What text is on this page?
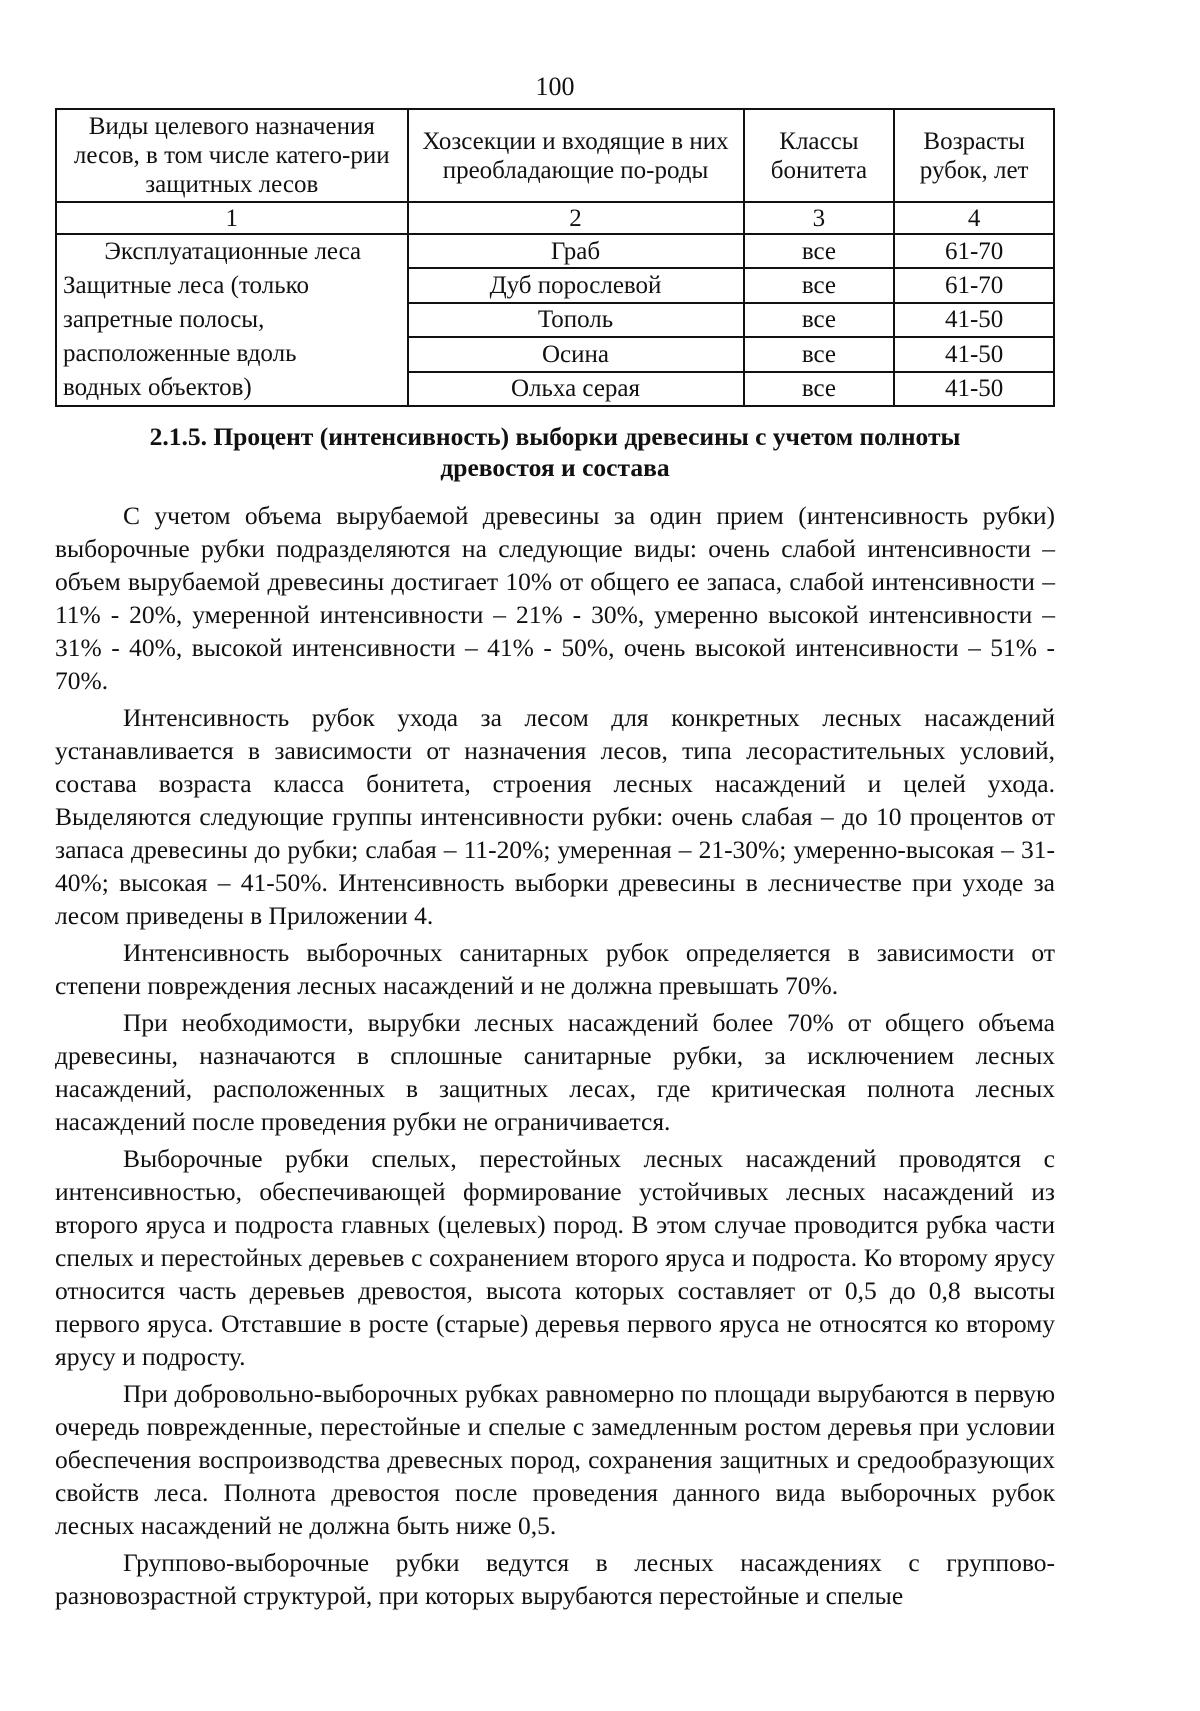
100
Виды целевого назначения лесов, в том числе катего-рии защитных лесов	Хозсекции и входящие в них преобладающие по-роды	Классы бонитета	Возрасты рубок, лет
1	2	3	4

Эксплуатационные леса
Защитные леса (только
запретные полосы,
расположенные вдоль
водных объектов)	Граб	все	61-70
	Дуб порослевой	все	61-70
	Тополь	все	41-50
	Осина	все	41-50
	Ольха серая	все	41-50
2.1.5. Процент (интенсивность) выборки древесины с учетом полноты
древостоя и состава

С учетом объема вырубаемой древесины за один прием (интенсивность рубки) выборочные рубки подразделяются на следующие виды: очень слабой интенсивности – объем вырубаемой древесины достигает 10% от общего ее запаса, слабой интенсивности – 11% - 20%, умеренной интенсивности – 21% - 30%, умеренно высокой интенсивности – 31% - 40%, высокой интенсивности – 41% - 50%, очень высокой интенсивности – 51% - 70%.

Интенсивность рубок ухода за лесом для конкретных лесных насаждений устанавливается в зависимости от назначения лесов, типа лесорастительных условий, состава возраста класса бонитета, строения лесных насаждений и целей ухода. Выделяются следующие группы интенсивности рубки: очень слабая – до 10 процентов от запаса древесины до рубки; слабая – 11-20%; умеренная – 21-30%; умеренно-высокая – 31-40%; высокая – 41-50%. Интенсивность выборки древесины в лесничестве при уходе за лесом приведены в Приложении 4.

Интенсивность выборочных санитарных рубок определяется в зависимости от степени повреждения лесных насаждений и не должна превышать 70%.

При необходимости, вырубки лесных насаждений более 70% от общего объема древесины, назначаются в сплошные санитарные рубки, за исключением лесных насаждений, расположенных в защитных лесах, где критическая полнота лесных насаждений после проведения рубки не ограничивается.

Выборочные рубки спелых, перестойных лесных насаждений проводятся с интенсивностью, обеспечивающей формирование устойчивых лесных насаждений из второго яруса и подроста главных (целевых) пород. В этом случае проводится рубка части спелых и перестойных деревьев с сохранением второго яруса и подроста. Ко второму ярусу относится часть деревьев древостоя, высота которых составляет от 0,5 до 0,8 высоты первого яруса. Отставшие в росте (старые) деревья первого яруса не относятся ко второму ярусу и подросту.

При добровольно-выборочных рубках равномерно по площади вырубаются в первую очередь поврежденные, перестойные и спелые с замедленным ростом деревья при условии обеспечения воспроизводства древесных пород, сохранения защитных и средообразующих свойств леса. Полнота древостоя после проведения данного вида выборочных рубок лесных насаждений не должна быть ниже 0,5.

Группово-выборочные рубки ведутся в лесных насаждениях с группово-разновозрастной структурой, при которых вырубаются перестойные и спелые
